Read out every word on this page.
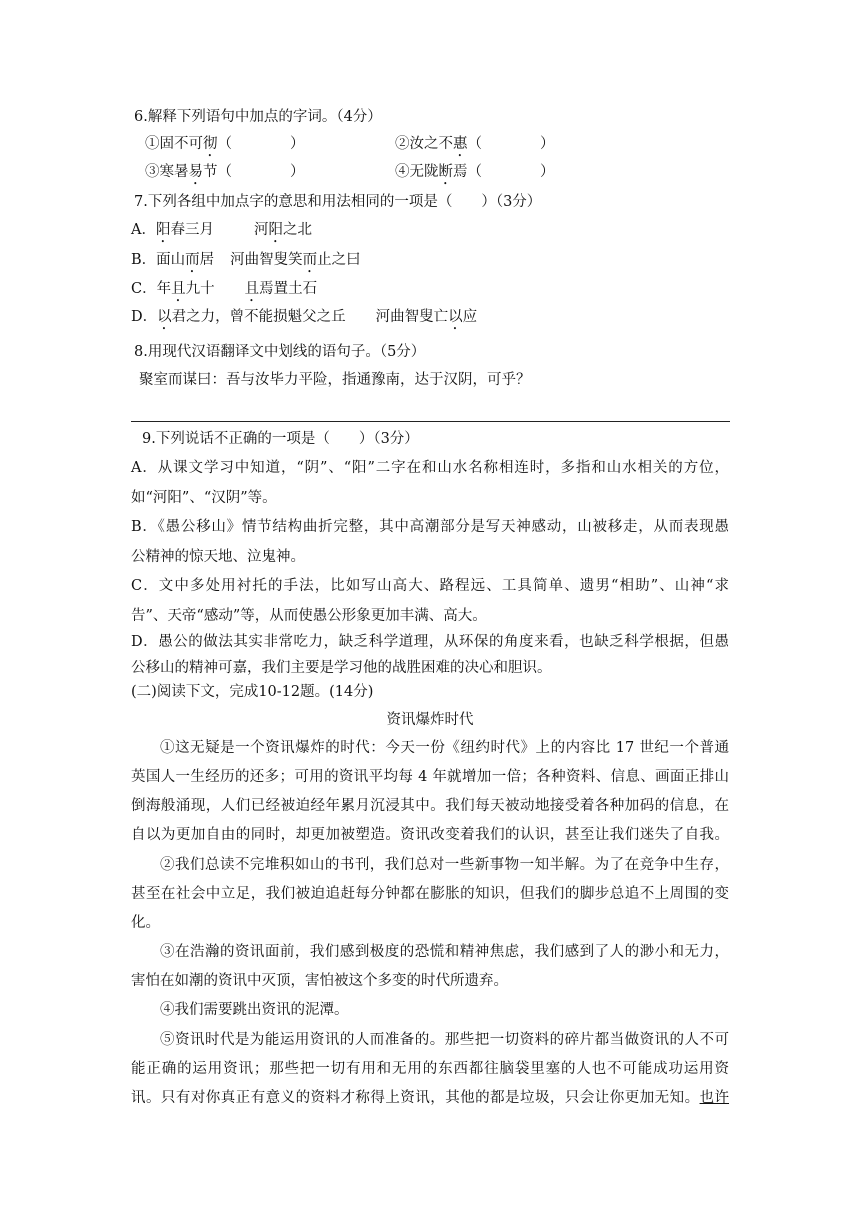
6.解释下列语句中加点的字词。（4分）
①固不可彻（　　　　）	②汝之不惠（　　　　）
③寒暑易节（　　　　）	④无陇断焉（　　　　）
7.下列各组中加点字的意思和用法相同的一项是（　　）（3分）
A．阳春三月	河阳之北
B．面山而居 河曲智叟笑而止之曰
C．年且九十 且焉置土石
D．以君之力，曾不能损魁父之丘 河曲智叟亡以应
8.用现代汉语翻译文中划线的语句子。（5分）
聚室而谋曰：吾与汝毕力平险，指通豫南，达于汉阴，可乎？
9.下列说话不正确的一项是（　　）（3分）
A．从课文学习中知道，“阴”、“阳”二字在和山水名称相连时，多指和山水相关的方位，
如“河阳”、“汉阴”等。
B．《愚公移山》情节结构曲折完整，其中高潮部分是写天神感动，山被移走，从而表现愚
公精神的惊天地、泣鬼神。
C．文中多处用衬托的手法，比如写山高大、路程远、工具简单、遗男“相助”、山神“求
告”、天帝“感动”等，从而使愚公形象更加丰满、高大。
D．愚公的做法其实非常吃力，缺乏科学道理，从环保的角度来看，也缺乏科学根据，但愚
公移山的精神可嘉，我们主要是学习他的战胜困难的决心和胆识。
(二)阅读下文，完成10-12题。(14分)
资讯爆炸时代
①这无疑是一个资讯爆炸的时代：今天一份《纽约时代》上的内容比 17 世纪一个普通
英国人一生经历的还多；可用的资讯平均每 4 年就增加一倍；各种资料、信息、画面正排山
倒海般涌现，人们已经被迫经年累月沉浸其中。我们每天被动地接受着各种加码的信息，在
自以为更加自由的同时，却更加被塑造。资讯改变着我们的认识，甚至让我们迷失了自我。
②我们总读不完堆积如山的书刊，我们总对一些新事物一知半解。为了在竞争中生存，
甚至在社会中立足，我们被迫追赶每分钟都在膨胀的知识，但我们的脚步总追不上周围的变
化。
③在浩瀚的资讯面前，我们感到极度的恐慌和精神焦虑，我们感到了人的渺小和无力，
害怕在如潮的资讯中灭顶，害怕被这个多变的时代所遗弃。
④我们需要跳出资讯的泥潭。
⑤资讯时代是为能运用资讯的人而准备的。那些把一切资料的碎片都当做资讯的人不可
能正确的运用资讯；那些把一切有用和无用的东西都往脑袋里塞的人也不可能成功运用资
讯。只有对你真正有意义的资料才称得上资讯，其他的都是垃圾，只会让你更加无知。也许
